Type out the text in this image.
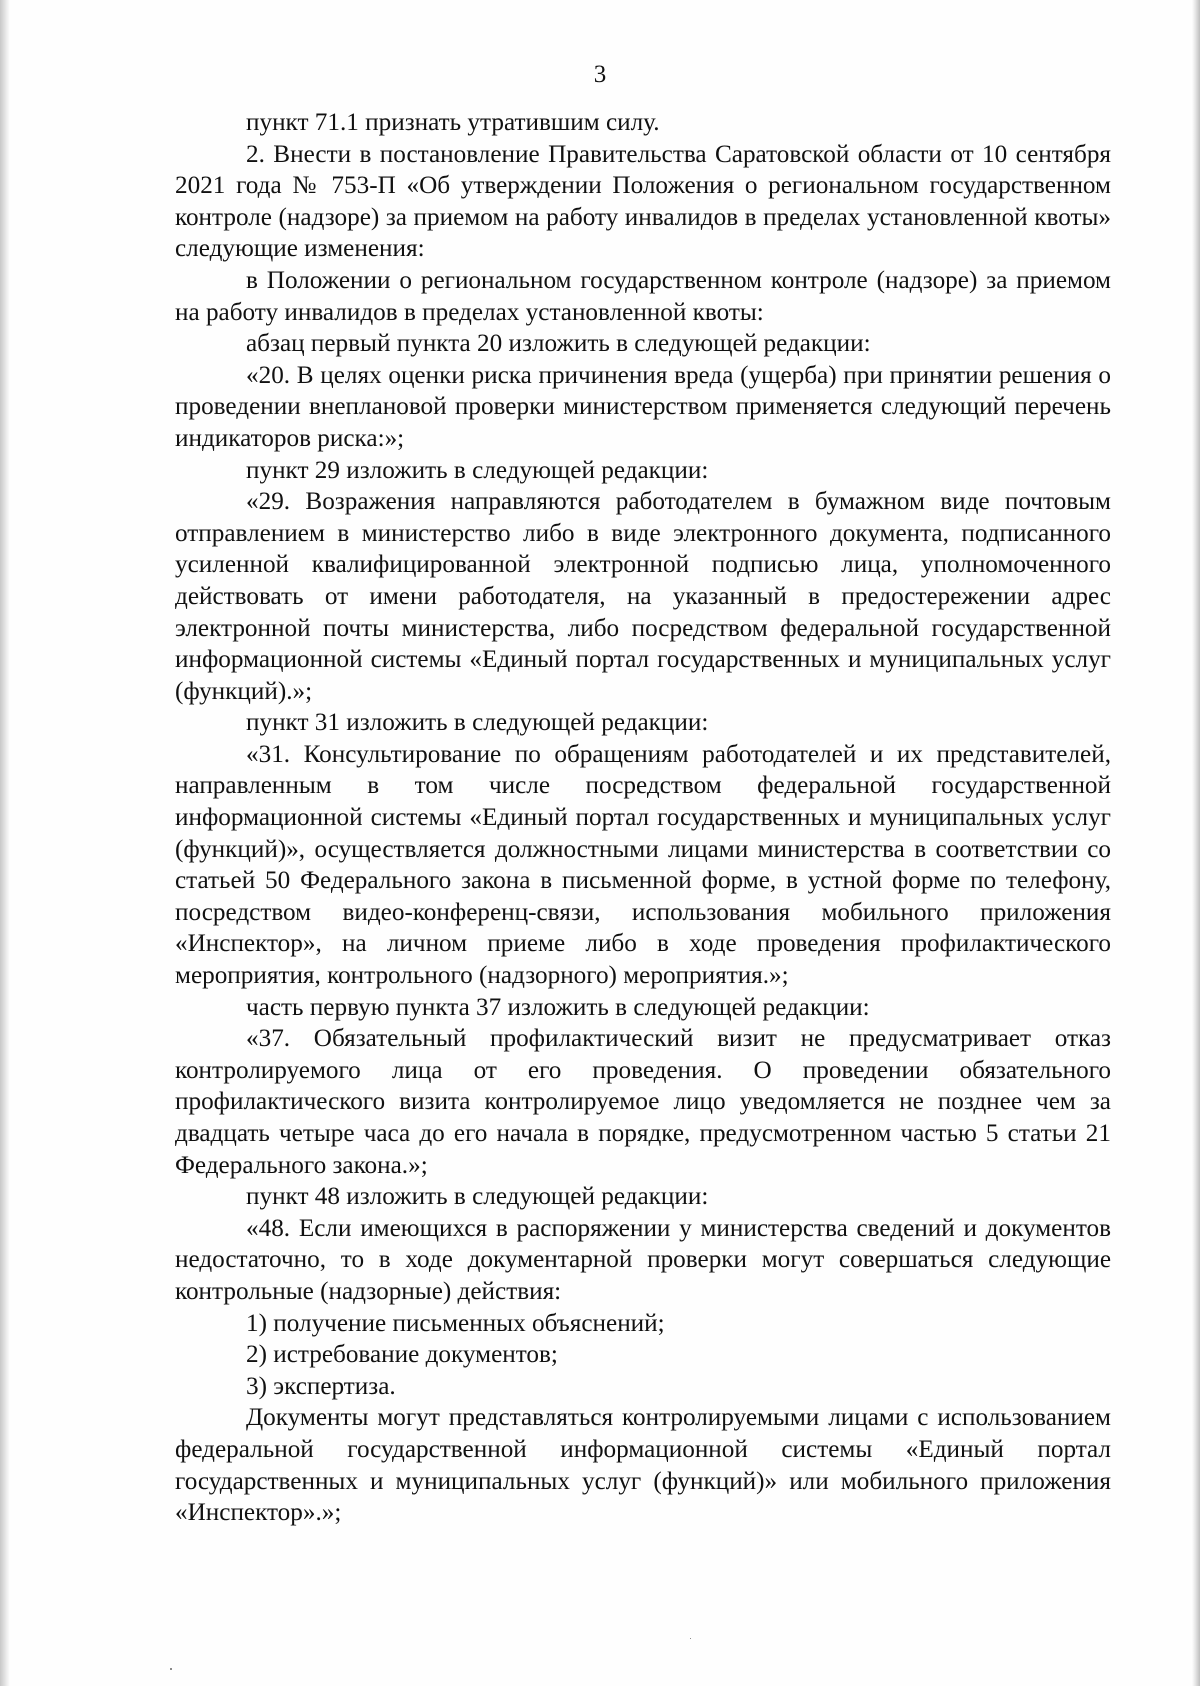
3

пункт 71.1 признать утратившим силу.

2. Внести в постановление Правительства Саратовской области от 10 сентября 2021 года № 753-П «Об утверждении Положения о региональном государственном контроле (надзоре) за приемом на работу инвалидов в пределах установленной квоты» следующие изменения:

в Положении о региональном государственном контроле (надзоре) за приемом на работу инвалидов в пределах установленной квоты:

абзац первый пункта 20 изложить в следующей редакции:

«20. В целях оценки риска причинения вреда (ущерба) при принятии решения о проведении внеплановой проверки министерством применяется следующий перечень индикаторов риска:»;

пункт 29 изложить в следующей редакции:

«29. Возражения направляются работодателем в бумажном виде почтовым отправлением в министерство либо в виде электронного документа, подписанного усиленной квалифицированной электронной подписью лица, уполномоченного действовать от имени работодателя, на указанный в предостережении адрес электронной почты министерства, либо посредством федеральной государственной информационной системы «Единый портал государственных и муниципальных услуг (функций).»;

пункт 31 изложить в следующей редакции:

«31. Консультирование по обращениям работодателей и их представителей, направленным в том числе посредством федеральной государственной информационной системы «Единый портал государственных и муниципальных услуг (функций)», осуществляется должностными лицами министерства в соответствии со статьей 50 Федерального закона в письменной форме, в устной форме по телефону, посредством видео-конференц-связи, использования мобильного приложения «Инспектор», на личном приеме либо в ходе проведения профилактического мероприятия, контрольного (надзорного) мероприятия.»;

часть первую пункта 37 изложить в следующей редакции:

«37. Обязательный профилактический визит не предусматривает отказ контролируемого лица от его проведения. О проведении обязательного профилактического визита контролируемое лицо уведомляется не позднее чем за двадцать четыре часа до его начала в порядке, предусмотренном частью 5 статьи 21 Федерального закона.»;

пункт 48 изложить в следующей редакции:

«48. Если имеющихся в распоряжении у министерства сведений и документов недостаточно, то в ходе документарной проверки могут совершаться следующие контрольные (надзорные) действия:

1) получение письменных объяснений;

2) истребование документов;

3) экспертиза.

Документы могут представляться контролируемыми лицами с использованием федеральной государственной информационной системы «Единый портал государственных и муниципальных услуг (функций)» или мобильного приложения «Инспектор».»;
